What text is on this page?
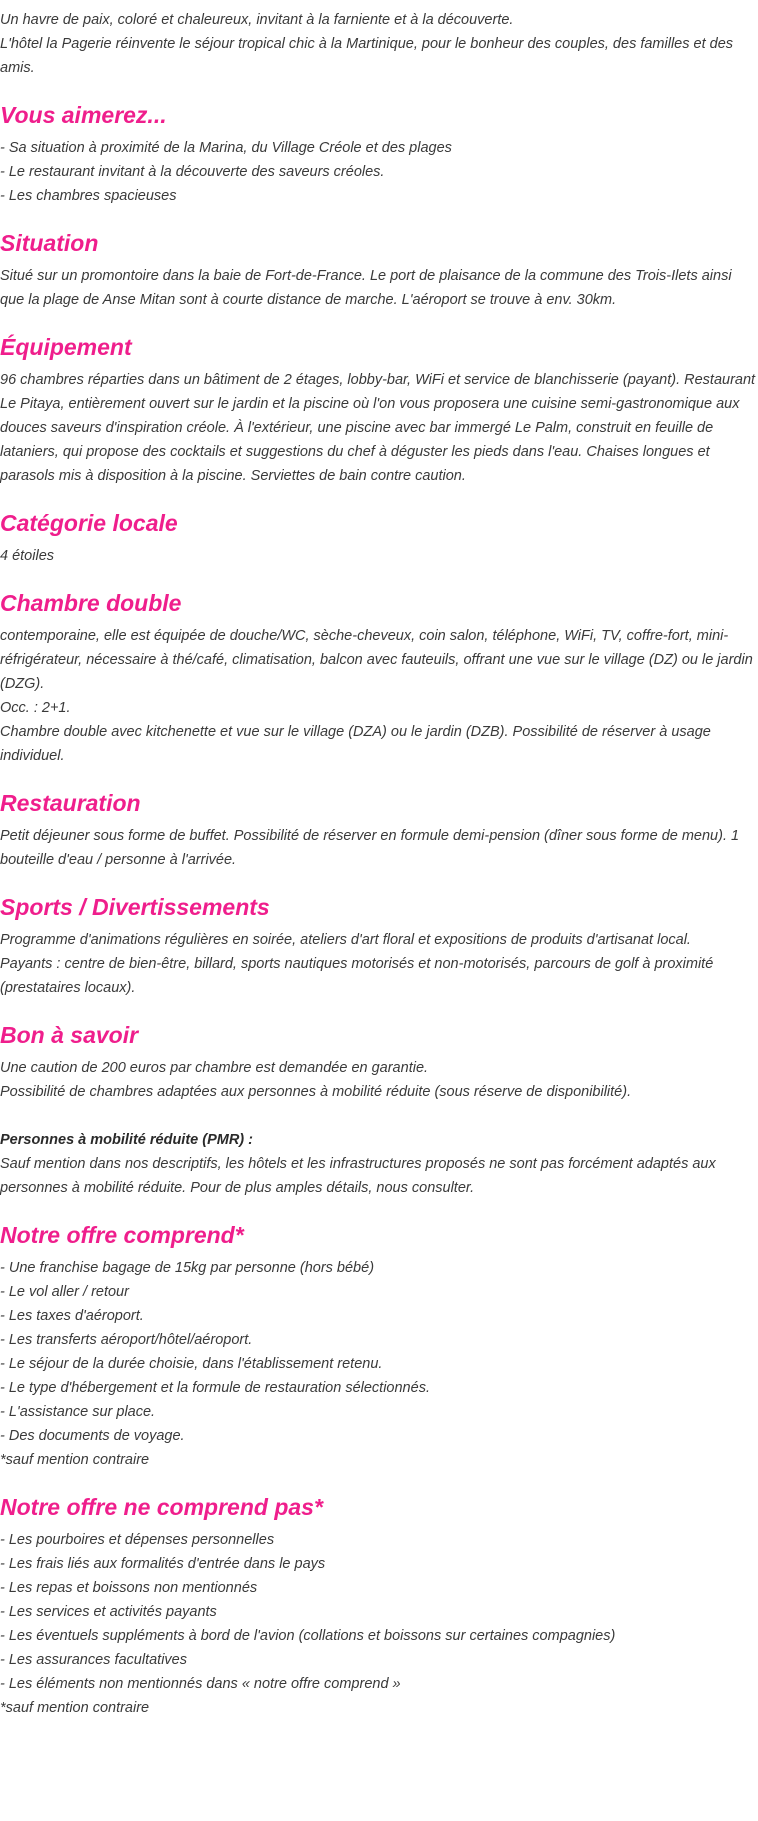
Un havre de paix, coloré et chaleureux, invitant à la farniente et à la découverte.

L'hôtel la Pagerie réinvente le séjour tropical chic à la Martinique, pour le bonheur des couples, des familles et des amis.

Vous aimerez...
- Sa situation à proximité de la Marina, du Village Créole et des plages
- Le restaurant invitant à la découverte des saveurs créoles.
- Les chambres spacieuses
Situation

Situé sur un promontoire dans la baie de Fort-de-France. Le port de plaisance de la commune des Trois-Ilets ainsi que la plage de Anse Mitan sont à courte distance de marche. L'aéroport se trouve à env. 30km.

Équipement

96 chambres réparties dans un bâtiment de 2 étages, lobby-bar, WiFi et service de blanchisserie (payant). Restaurant Le Pitaya, entièrement ouvert sur le jardin et la piscine où l'on vous proposera une cuisine semi-gastronomique aux douces saveurs d'inspiration créole. À l'extérieur, une piscine avec bar immergé Le Palm, construit en feuille de lataniers, qui propose des cocktails et suggestions du chef à déguster les pieds dans l'eau. Chaises longues et parasols mis à disposition à la piscine. Serviettes de bain contre caution.

Catégorie locale

4 étoiles

Chambre double

contemporaine, elle est équipée de douche/WC, sèche-cheveux, coin salon, téléphone, WiFi, TV, coffre-fort, mini-réfrigérateur, nécessaire à thé/café, climatisation, balcon avec fauteuils, offrant une vue sur le village (DZ) ou le jardin (DZG).

Occ. : 2+1.

Chambre double avec kitchenette et vue sur le village (DZA) ou le jardin (DZB). Possibilité de réserver à usage individuel.

Restauration

Petit déjeuner sous forme de buffet. Possibilité de réserver en formule demi-pension (dîner sous forme de menu). 1 bouteille d'eau / personne à l'arrivée.

Sports / Divertissements

Programme d'animations régulières en soirée, ateliers d'art floral et expositions de produits d'artisanat local.

Payants : centre de bien-être, billard, sports nautiques motorisés et non-motorisés, parcours de golf à proximité (prestataires locaux).

Bon à savoir

Une caution de 200 euros par chambre est demandée en garantie.

Possibilité de chambres adaptées aux personnes à mobilité réduite (sous réserve de disponibilité).

Personnes à mobilité réduite (PMR) :

Sauf mention dans nos descriptifs, les hôtels et les infrastructures proposés ne sont pas forcément adaptés aux personnes à mobilité réduite. Pour de plus amples détails, nous consulter.

Notre offre comprend*
- Une franchise bagage de 15kg par personne (hors bébé)
- Le vol aller / retour
- Les taxes d'aéroport.
- Les transferts aéroport/hôtel/aéroport.
- Le séjour de la durée choisie, dans l'établissement retenu.
- Le type d'hébergement et la formule de restauration sélectionnés.
- L'assistance sur place.
- Des documents de voyage.

*sauf mention contraire

Notre offre ne comprend pas*
- Les pourboires et dépenses personnelles
- Les frais liés aux formalités d'entrée dans le pays
- Les repas et boissons non mentionnés
- Les services et activités payants
- Les éventuels suppléments à bord de l'avion (collations et boissons sur certaines compagnies)
- Les assurances facultatives
- Les éléments non mentionnés dans « notre offre comprend »

*sauf mention contraire
